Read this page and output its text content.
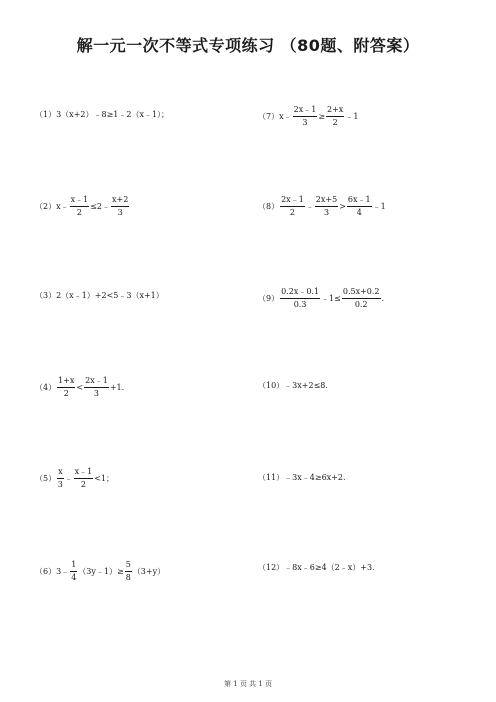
解一元一次不等式专项练习 （80题、附答案）
（1）3（x+2）﹣8≥1﹣2（x﹣1）；
（2）x﹣ $\frac{x﹣1}{2}$ ≤2﹣ $\frac{x+2}{3}$
（3）2（x﹣1）+2<5﹣3（x+1）
$(4) \frac{1+x}{2} < \frac{2x﹣1}{3} +1$.
$(5) \frac{x}{3}$ ﹣ $\frac{x﹣1}{2} <1$；
（6）3﹣ $\frac{1}{4}$ （3y﹣1）≥ $\frac{5}{8} (3+y)$
（7）x﹣ $\frac{2x﹣1}{3} \ge \frac{2+x}{2}$ ﹣1
$(8) \frac{2x﹣1}{2}$ ﹣ $\frac{2x+5}{3} > \frac{6x﹣1}{4}$ ﹣1
$(9) \frac{0.2x﹣0.1}{0.3}$ ﹣1≤ $\frac{0.5x+0.2}{0.2}$ .
（10）﹣3x+2≤8.
（11）﹣3x﹣4≥6x+2.
（12）﹣8x﹣6≥4（2﹣x）+3.
第 1 页 共 1 页
